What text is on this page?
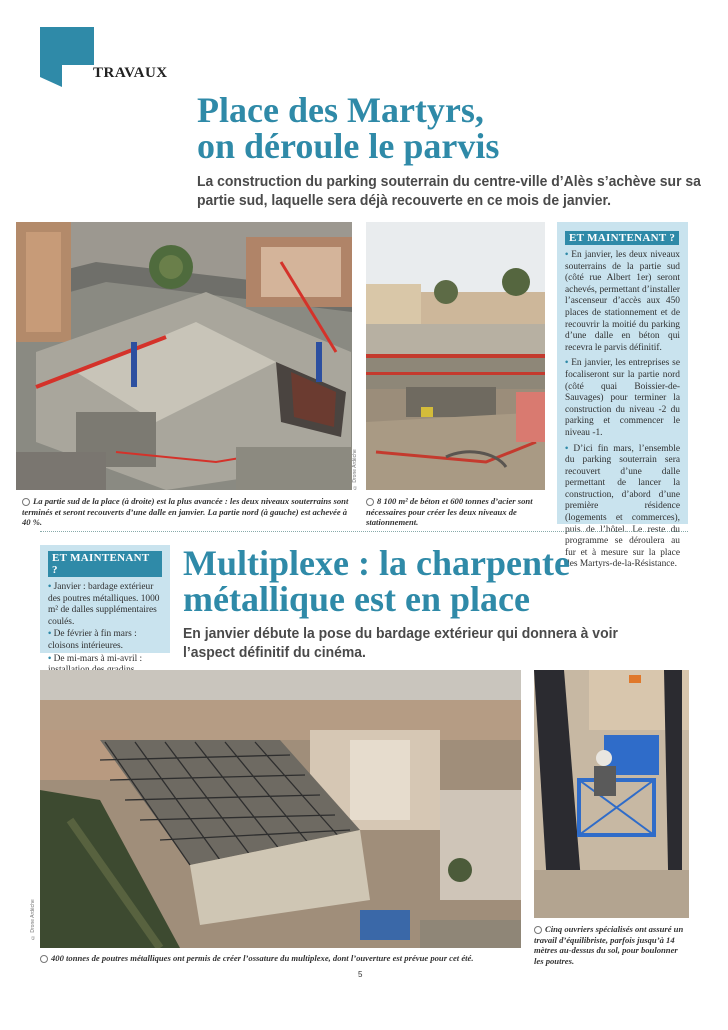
TRAVAUX
Place des Martyrs,
on déroule le parvis
La construction du parking souterrain du centre-ville d’Alès s’achève sur sa partie sud, laquelle sera déjà recouverte en ce mois de janvier.
© Drone Ardèche
ET MAINTENANT ?
• En janvier, les deux niveaux souterrains de la partie sud (côté rue Albert 1er) seront achevés, permettant d’installer l’ascenseur d’accès aux 450 places de stationnement et de recouvrir la moitié du parking d’une dalle en béton qui recevra le parvis définitif.
• En janvier, les entreprises se focaliseront sur la partie nord (côté quai Boissier-de-Sauvages) pour terminer la construction du niveau -2 du parking et commencer le niveau -1.
• D’ici fin mars, l’ensemble du parking souterrain sera recouvert d’une dalle permettant de lancer la construction, d’abord d’une première résidence (logements et commerces), puis de l’hôtel. Le reste du programme se déroulera au fur et à mesure sur la place des Martyrs-de-la-Résistance.
La partie sud de la place (à droite) est la plus avancée : les deux niveaux souterrains sont terminés et seront recouverts d’une dalle en janvier. La partie nord (à gauche) est achevée à 40 %.
8 100 m² de béton et 600 tonnes d’acier sont nécessaires pour créer les deux niveaux de stationnement.
ET MAINTENANT ?
• Janvier : bardage extérieur des poutres métalliques. 1000 m² de dalles supplémentaires coulés.
• De février à fin mars : cloisons intérieures.
• De mi-mars à mi-avril :
Multiplexe : la charpente
métallique est en place
En janvier débute la pose du bardage extérieur qui donnera à voir l’aspect définitif du cinéma.
© Drone Ardèche
400 tonnes de poutres métalliques ont permis de créer l’ossature du multiplexe, dont l’ouverture est prévue pour cet été.
Cinq ouvriers spécialisés ont assuré un travail d’équilibriste, parfois jusqu’à 14 mètres au-dessus du sol, pour boulonner les poutres.
5
